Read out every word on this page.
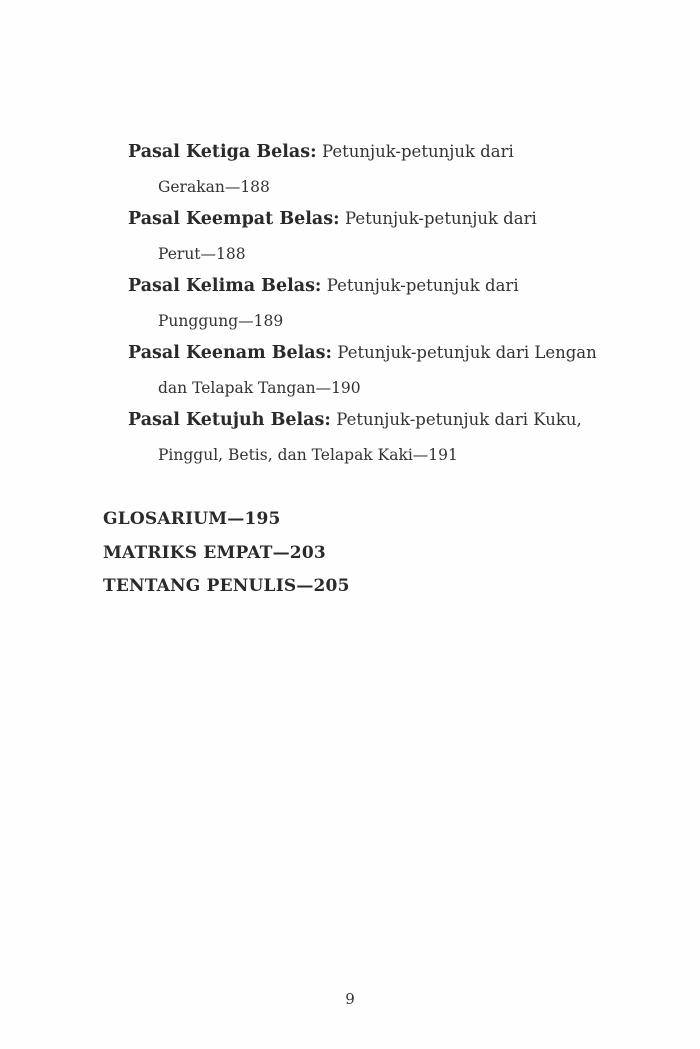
Pasal Ketiga Belas: Petunjuk-petunjuk dari
Gerakan—188
Pasal Keempat Belas: Petunjuk-petunjuk dari
Perut—188
Pasal Kelima Belas: Petunjuk-petunjuk dari
Punggung—189
Pasal Keenam Belas: Petunjuk-petunjuk dari Lengan
dan Telapak Tangan—190
Pasal Ketujuh Belas: Petunjuk-petunjuk dari Kuku,
Pinggul, Betis, dan Telapak Kaki—191
GLOSARIUM—195
MATRIKS EMPAT—203
TENTANG PENULIS—205
9
